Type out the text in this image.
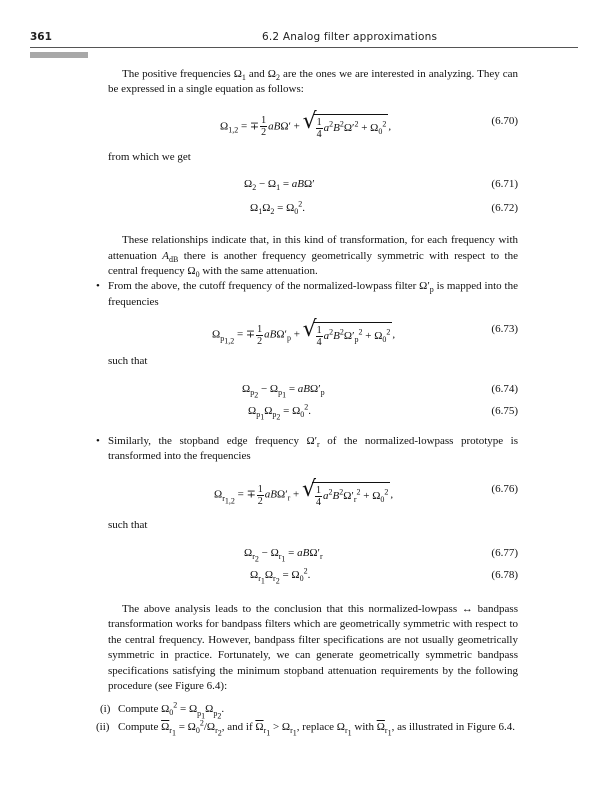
361	6.2 Analog filter approximations

The positive frequencies $\Omega_1$ and $\Omega_2$ are the ones we are interested in analyzing. They can be expressed in a single equation as follows:

$\Omega_{1,2}$ = ∓ $\frac{1}{2} aB\Omega'$ + √
$\frac{1}{4} a^2B^2\Omega'^2 + \Omega_0^2$ ,	(6.70)

from which we get

$\Omega_2 - \Omega_1 = aB\Omega'$	(6.71)
$\Omega_1\Omega_2 = \Omega_0^2$.	(6.72)

These relationships indicate that, in this kind of transformation, for each frequency with attenuation $A_{dB}$ there is another frequency geometrically symmetric with respect to the central frequency $\Omega_0$ with the same attenuation.

• From the above, the cutoff frequency of the normalized-lowpass filter $\Omega'_p$ is mapped into the frequencies
$\Omega_{p_{1,2}}$ = ∓ $\frac{1}{2} aB\Omega'_p$ + √
$\frac{1}{4} a^2B^2\Omega'_p^2 + \Omega_0^2$ ,	(6.73)

such that

$\Omega_{p_2} - \Omega_{p_1} = aB\Omega'_p$	(6.74)
$\Omega_{p_1}\Omega_{p_2} = \Omega_0^2$.	(6.75)
• Similarly, the stopband edge frequency $\Omega'_r$ of the normalized-lowpass prototype is transformed into the frequencies
$\Omega_{r_{1,2}}$ = ∓ $\frac{1}{2} aB\Omega'_r$ + √
$\frac{1}{4} a^2B^2\Omega'_r^2 + \Omega_0^2$ ,	(6.76)

such that

$\Omega_{r_2} - \Omega_{r_1} = aB\Omega'_r$	(6.77)
$\Omega_{r_1}\Omega_{r_2} = \Omega_0^2$.	(6.78)

The above analysis leads to the conclusion that this normalized-lowpass ↔ bandpass transformation works for bandpass filters which are geometrically symmetric with respect to the central frequency. However, bandpass filter specifications are not usually geometrically symmetric in practice. Fortunately, we can generate geometrically symmetric bandpass specifications satisfying the minimum stopband attenuation requirements by the following procedure (see Figure 6.4):

(i) Compute $\Omega_0^2 = \Omega_{p_1}\Omega_{p_2}$.
(ii) Compute $\overline{\Omega}_{r_1} = \Omega_0^2/\Omega_{r_2}$, and if $\overline{\Omega}_{r_1} > \Omega_{r_1}$, replace $\Omega_{r_1}$ with $\overline{\Omega}_{r_1}$, as illustrated in Figure 6.4.
